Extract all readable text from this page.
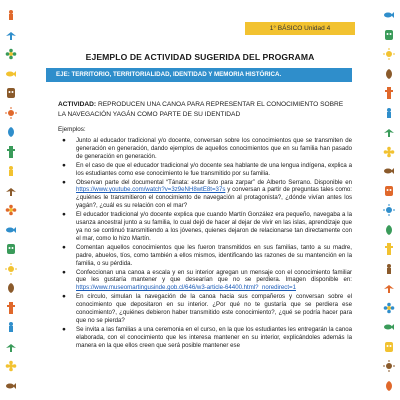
1° BÁSICO Unidad 4
EJEMPLO DE ACTIVIDAD SUGERIDA DEL PROGRAMA
EJE: TERRITORIO, TERRITORIALIDAD, IDENTIDAD Y MEMORIA HISTÓRICA.
ACTIVIDAD: REPRODUCEN UNA CANOA PARA REPRESENTAR EL CONOCIMIENTO SOBRE LA NAVEGACIÓN YAGÁN COMO PARTE DE SU IDENTIDAD
Ejemplos:
● Junto al educador tradicional y/o docente, conversan sobre los conocimientos que se transmiten de generación en generación, dando ejemplos de aquellos conocimientos que en su familia han pasado de generación en generación.
● En el caso de que el educador tradicional y/o docente sea hablante de una lengua indígena, explica a los estudiantes como ese conocimiento le fue transmitido por su familia.
● Observan parte del documental “Tánata: estar listo para zarpar” de Alberto Serrano. Disponible en https://www.youtube.com/watch?v=3z9eNH8wtE8t=37s y conversan a partir de preguntas tales como: ¿quiénes le transmitieron el conocimiento de navegación al protagonista?, ¿dónde vivían antes los yagán?, ¿cuál es su relación con el mar?
● El educador tradicional y/o docente explica que cuando Martín González era pequeño, navegaba a la usanza ancestral junto a su familia, lo cual dejó de hacer al dejar de vivir en las islas, aprendizaje que ya no se continuó transmitiendo a los jóvenes, quienes dejaron de relacionarse tan directamente con el mar, como lo hizo Martín.
● Comentan aquellos conocimientos que les fueron transmitidos en sus familias, tanto a su madre, padre, abuelos, tíos, como también a ellos mismos, identificando las razones de su mantención en la familia, o su pérdida.
● Confeccionan una canoa a escala y en su interior agregan un mensaje con el conocimiento familiar que les gustaría mantener y que desearían que no se perdiera. Imagen disponible en: https://www.museomartingusinde.gob.cl/646/w3-article-64400.html?_noredirect=1
● En círculo, simulan la navegación de la canoa hacia sus compañeros y conversan sobre el conocimiento que depositaron en su interior. ¿Por qué no te gustaría que se perdiera ese conocimiento?, ¿quiénes debieron haber transmitido este conocimiento?, ¿qué se podría hacer para que no se pierda?
● Se invita a las familias a una ceremonia en el curso, en la que los estudiantes les entregarán la canoa elaborada, con el conocimiento que les interesa mantener en su interior, explicándoles además la manera en la que ellos creen que será posible mantener ese
